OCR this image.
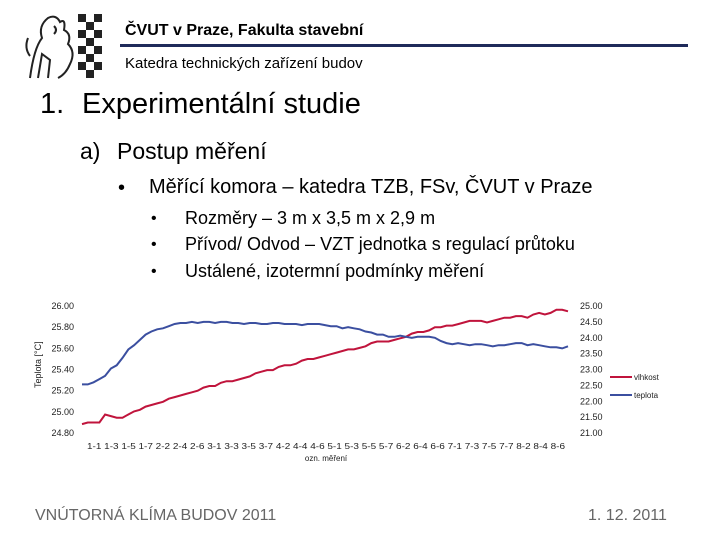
ČVUT v Praze, Fakulta stavební
Katedra technických zařízení budov
1. Experimentální studie
a) Postup měření
• Měřící komora – katedra TZB, FSv, ČVUT v Praze
• Rozměry – 3 m x 3,5 m x 2,9 m
• Přívod/ Odvod – VZT jednotka s regulací průtoku
• Ustálené, izotermní podmínky měření
26.00
25.80
25.60
25.40
25.20
25.00
24.80
25.00
24.50
24.00
23.50
23.00
22.50
22.00
21.50
21.00
Teplota [°C]
1-1 1-3 1-5 1-7 2-2 2-4 2-6 3-1 3-3 3-5 3-7 4-2 4-4 4-6 5-1 5-3 5-5 5-7 6-2 6-4 6-6 7-1 7-3 7-5 7-7 8-2 8-4 8-6
ozn. měření
vlhkost
teplota
VNÚTORNÁ KLÍMA BUDOV 2011	1. 12. 2011
